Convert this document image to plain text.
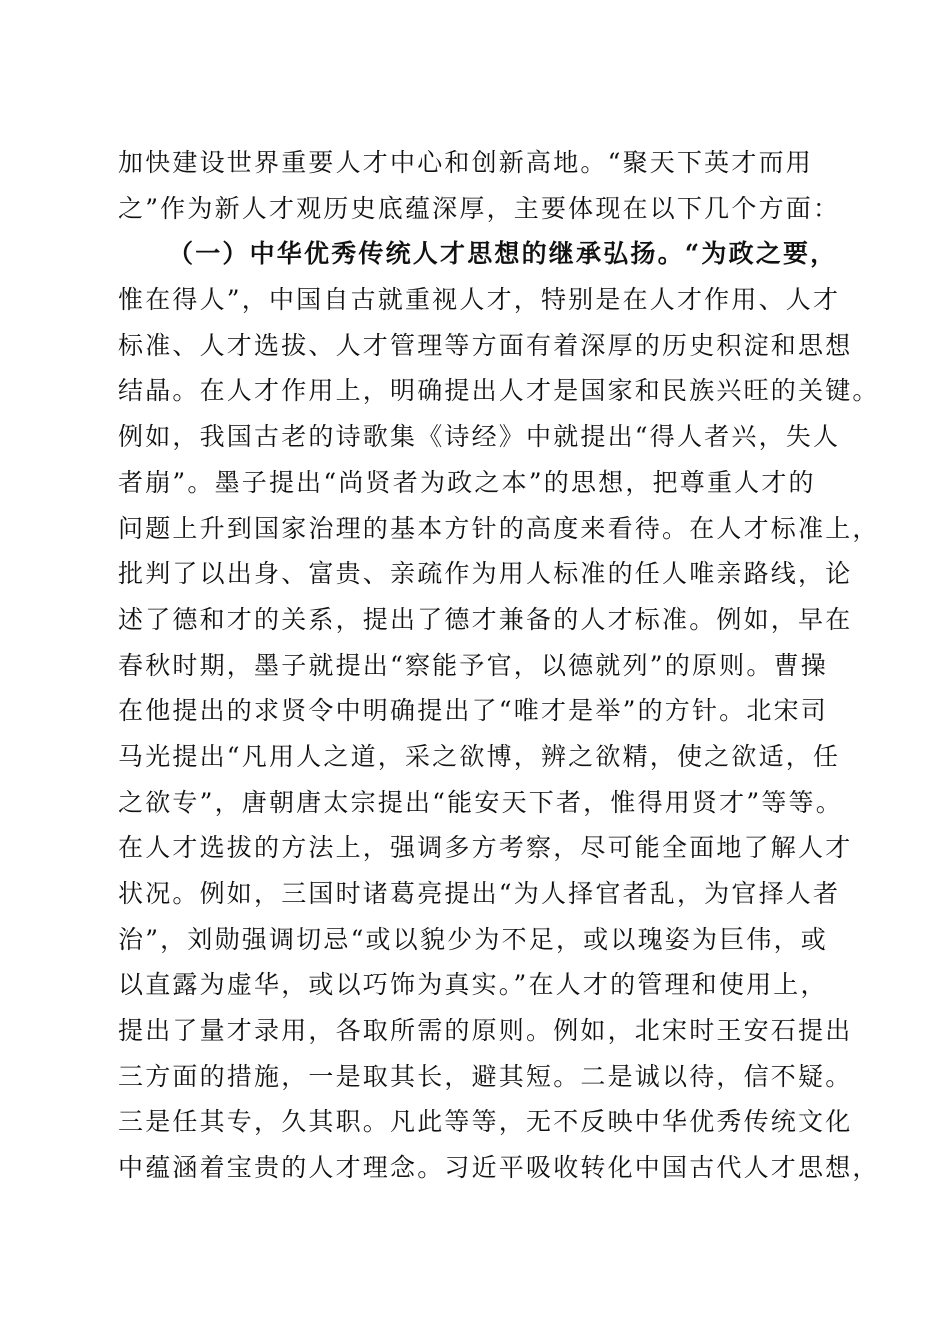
加快建设世界重要人才中心和创新高地。“聚天下英才而用
之”作为新人才观历史底蕴深厚，主要体现在以下几个方面：
（一）中华优秀传统人才思想的继承弘扬。“为政之要，
惟在得人”，中国自古就重视人才，特别是在人才作用、人才
标准、人才选拔、人才管理等方面有着深厚的历史积淀和思想
结晶。在人才作用上，明确提出人才是国家和民族兴旺的关键。
例如，我国古老的诗歌集《诗经》中就提出“得人者兴，失人
者崩”。墨子提出“尚贤者为政之本”的思想，把尊重人才的
问题上升到国家治理的基本方针的高度来看待。在人才标准上，
批判了以出身、富贵、亲疏作为用人标准的任人唯亲路线，论
述了德和才的关系，提出了德才兼备的人才标准。例如，早在
春秋时期，墨子就提出“察能予官，以德就列”的原则。曹操
在他提出的求贤令中明确提出了“唯才是举”的方针。北宋司
马光提出“凡用人之道，采之欲博，辨之欲精，使之欲适，任
之欲专”，唐朝唐太宗提出“能安天下者，惟得用贤才”等等。
在人才选拔的方法上，强调多方考察，尽可能全面地了解人才
状况。例如，三国时诸葛亮提出“为人择官者乱，为官择人者
治”，刘勋强调切忌“或以貌少为不足，或以瑰姿为巨伟，或
以直露为虚华，或以巧饰为真实。”在人才的管理和使用上，
提出了量才录用，各取所需的原则。例如，北宋时王安石提出
三方面的措施，一是取其长，避其短。二是诚以待，信不疑。
三是任其专，久其职。凡此等等，无不反映中华优秀传统文化
中蕴涵着宝贵的人才理念。习近平吸收转化中国古代人才思想，
